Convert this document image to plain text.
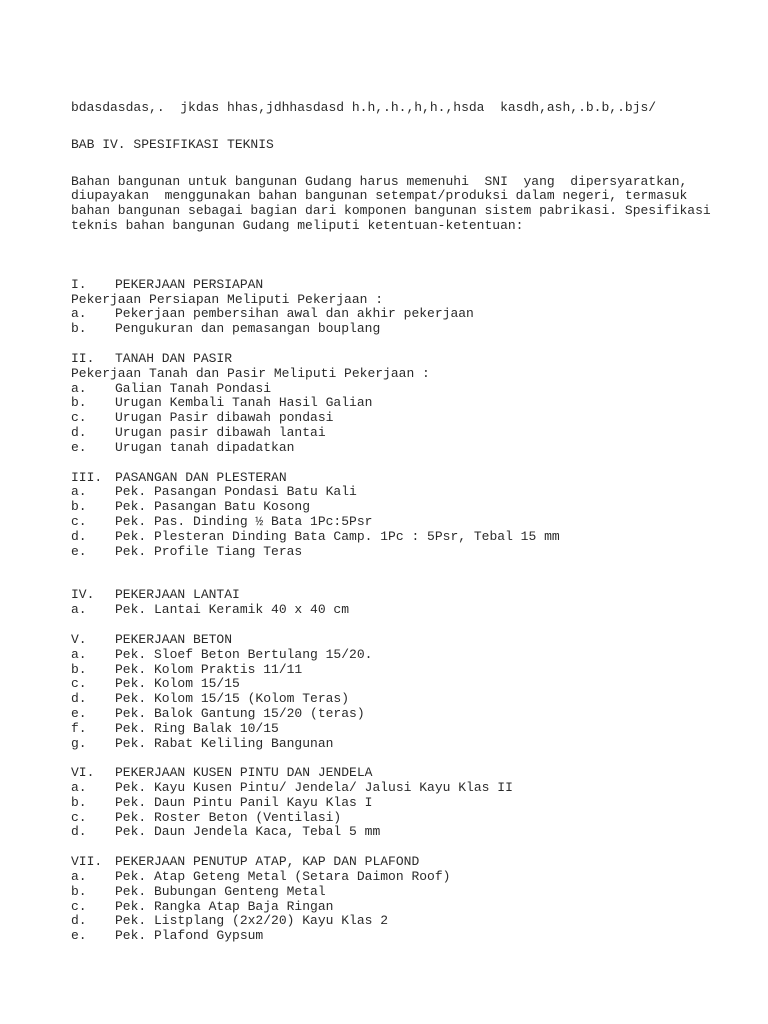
bdasdasdas,.  jkdas hhas,jdhhasdasd h.h,.h.,h,h.,hsda  kasdh,ash,.b.b,.bjs/
BAB IV. SPESIFIKASI TEKNIS
Bahan bangunan untuk bangunan Gudang harus memenuhi  SNI  yang  dipersyaratkan,
diupayakan  menggunakan bahan bangunan setempat/produksi dalam negeri, termasuk
bahan bangunan sebagai bagian dari komponen bangunan sistem pabrikasi. Spesifikasi
teknis bahan bangunan Gudang meliputi ketentuan-ketentuan:
I. PEKERJAAN PERSIAPAN
Pekerjaan Persiapan Meliputi Pekerjaan :
a. Pekerjaan pembersihan awal dan akhir pekerjaan
b. Pengukuran dan pemasangan bouplang
II. TANAH DAN PASIR
Pekerjaan Tanah dan Pasir Meliputi Pekerjaan :
a. Galian Tanah Pondasi
b. Urugan Kembali Tanah Hasil Galian
c. Urugan Pasir dibawah pondasi
d. Urugan pasir dibawah lantai
e. Urugan tanah dipadatkan
III. PASANGAN DAN PLESTERAN
a. Pek. Pasangan Pondasi Batu Kali
b. Pek. Pasangan Batu Kosong
c. Pek. Pas. Dinding ½ Bata 1Pc:5Psr
d. Pek. Plesteran Dinding Bata Camp. 1Pc : 5Psr, Tebal 15 mm
e. Pek. Profile Tiang Teras
IV. PEKERJAAN LANTAI
a. Pek. Lantai Keramik 40 x 40 cm
V. PEKERJAAN BETON
a. Pek. Sloef Beton Bertulang 15/20.
b. Pek. Kolom Praktis 11/11
c. Pek. Kolom 15/15
d. Pek. Kolom 15/15 (Kolom Teras)
e. Pek. Balok Gantung 15/20 (teras)
f. Pek. Ring Balak 10/15
g. Pek. Rabat Keliling Bangunan
VI. PEKERJAAN KUSEN PINTU DAN JENDELA
a. Pek. Kayu Kusen Pintu/ Jendela/ Jalusi Kayu Klas II
b. Pek. Daun Pintu Panil Kayu Klas I
c. Pek. Roster Beton (Ventilasi)
d. Pek. Daun Jendela Kaca, Tebal 5 mm
VII. PEKERJAAN PENUTUP ATAP, KAP DAN PLAFOND
a. Pek. Atap Geteng Metal (Setara Daimon Roof)
b. Pek. Bubungan Genteng Metal
c. Pek. Rangka Atap Baja Ringan
d. Pek. Listplang (2x2/20) Kayu Klas 2
e. Pek. Plafond Gypsum
